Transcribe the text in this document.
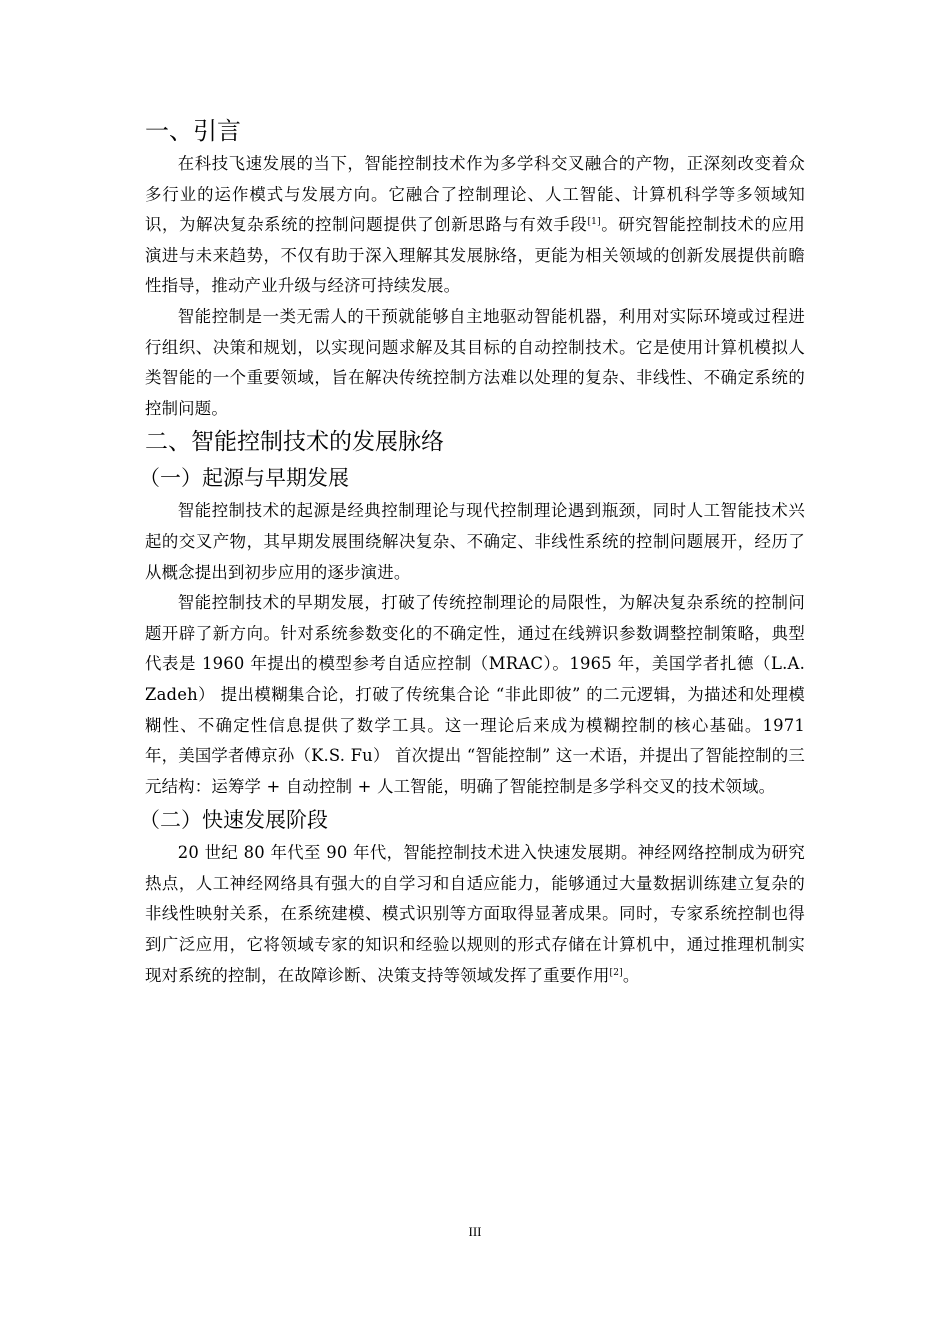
一、引言

在科技飞速发展的当下，智能控制技术作为多学科交叉融合的产物，正深刻改变着众多行业的运作模式与发展方向。它融合了控制理论、人工智能、计算机科学等多领域知识，为解决复杂系统的控制问题提供了创新思路与有效手段[1]。研究智能控制技术的应用演进与未来趋势，不仅有助于深入理解其发展脉络，更能为相关领域的创新发展提供前瞻性指导，推动产业升级与经济可持续发展。

智能控制是一类无需人的干预就能够自主地驱动智能机器，利用对实际环境或过程进行组织、决策和规划，以实现问题求解及其目标的自动控制技术。它是使用计算机模拟人类智能的一个重要领域，旨在解决传统控制方法难以处理的复杂、非线性、不确定系统的控制问题。

二、智能控制技术的发展脉络
（一）起源与早期发展

智能控制技术的起源是经典控制理论与现代控制理论遇到瓶颈，同时人工智能技术兴起的交叉产物，其早期发展围绕解决复杂、不确定、非线性系统的控制问题展开，经历了从概念提出到初步应用的逐步演进。

智能控制技术的早期发展，打破了传统控制理论的局限性，为解决复杂系统的控制问题开辟了新方向。针对系统参数变化的不确定性，通过在线辨识参数调整控制策略，典型代表是 1960 年提出的模型参考自适应控制（MRAC）。1965 年，美国学者扎德（L.A. Zadeh） 提出模糊集合论，打破了传统集合论 “非此即彼” 的二元逻辑，为描述和处理模糊性、不确定性信息提供了数学工具。这一理论后来成为模糊控制的核心基础。1971 年，美国学者傅京孙（K.S. Fu） 首次提出 “智能控制” 这一术语，并提出了智能控制的三元结构：运筹学 + 自动控制 + 人工智能，明确了智能控制是多学科交叉的技术领域。

（二）快速发展阶段

20 世纪 80 年代至 90 年代，智能控制技术进入快速发展期。神经网络控制成为研究热点，人工神经网络具有强大的自学习和自适应能力，能够通过大量数据训练建立复杂的非线性映射关系，在系统建模、模式识别等方面取得显著成果。同时，专家系统控制也得到广泛应用，它将领域专家的知识和经验以规则的形式存储在计算机中，通过推理机制实现对系统的控制，在故障诊断、决策支持等领域发挥了重要作用[2]。

III
